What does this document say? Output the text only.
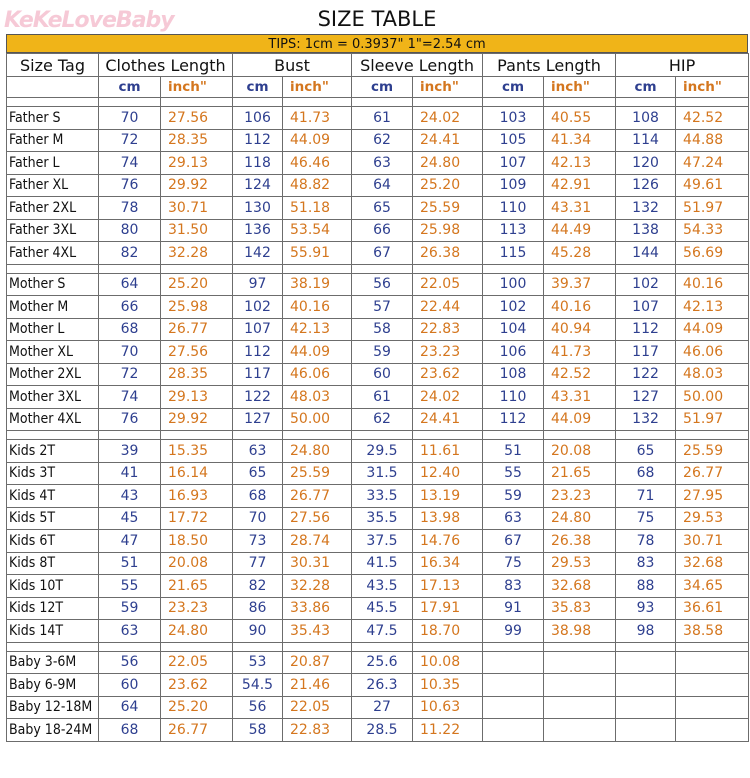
KeKeLoveBaby	SIZE TABLE
TIPS: 1cm = 0.3937" 1"=2.54 cm
Size Tag	Clothes Length		Bust		Sleeve Length		Pants Length		HIP	
	cm	inch"	cm	inch"	cm	inch"	cm	inch"	cm	inch"

Father S	70	27.56	106	41.73	61	24.02	103	40.55	108	42.52
Father M	72	28.35	112	44.09	62	24.41	105	41.34	114	44.88
Father L	74	29.13	118	46.46	63	24.80	107	42.13	120	47.24
Father XL	76	29.92	124	48.82	64	25.20	109	42.91	126	49.61
Father 2XL	78	30.71	130	51.18	65	25.59	110	43.31	132	51.97
Father 3XL	80	31.50	136	53.54	66	25.98	113	44.49	138	54.33
Father 4XL	82	32.28	142	55.91	67	26.38	115	45.28	144	56.69

Mother S	64	25.20	97	38.19	56	22.05	100	39.37	102	40.16
Mother M	66	25.98	102	40.16	57	22.44	102	40.16	107	42.13
Mother L	68	26.77	107	42.13	58	22.83	104	40.94	112	44.09
Mother XL	70	27.56	112	44.09	59	23.23	106	41.73	117	46.06
Mother 2XL	72	28.35	117	46.06	60	23.62	108	42.52	122	48.03
Mother 3XL	74	29.13	122	48.03	61	24.02	110	43.31	127	50.00
Mother 4XL	76	29.92	127	50.00	62	24.41	112	44.09	132	51.97

Kids 2T	39	15.35	63	24.80	29.5	11.61	51	20.08	65	25.59
Kids 3T	41	16.14	65	25.59	31.5	12.40	55	21.65	68	26.77
Kids 4T	43	16.93	68	26.77	33.5	13.19	59	23.23	71	27.95
Kids 5T	45	17.72	70	27.56	35.5	13.98	63	24.80	75	29.53
Kids 6T	47	18.50	73	28.74	37.5	14.76	67	26.38	78	30.71
Kids 8T	51	20.08	77	30.31	41.5	16.34	75	29.53	83	32.68
Kids 10T	55	21.65	82	32.28	43.5	17.13	83	32.68	88	34.65
Kids 12T	59	23.23	86	33.86	45.5	17.91	91	35.83	93	36.61
Kids 14T	63	24.80	90	35.43	47.5	18.70	99	38.98	98	38.58

Baby 3-6M	56	22.05	53	20.87	25.6	10.08				
Baby 6-9M	60	23.62	54.5	21.46	26.3	10.35				
Baby 12-18M	64	25.20	56	22.05	27	10.63				
Baby 18-24M	68	26.77	58	22.83	28.5	11.22				
